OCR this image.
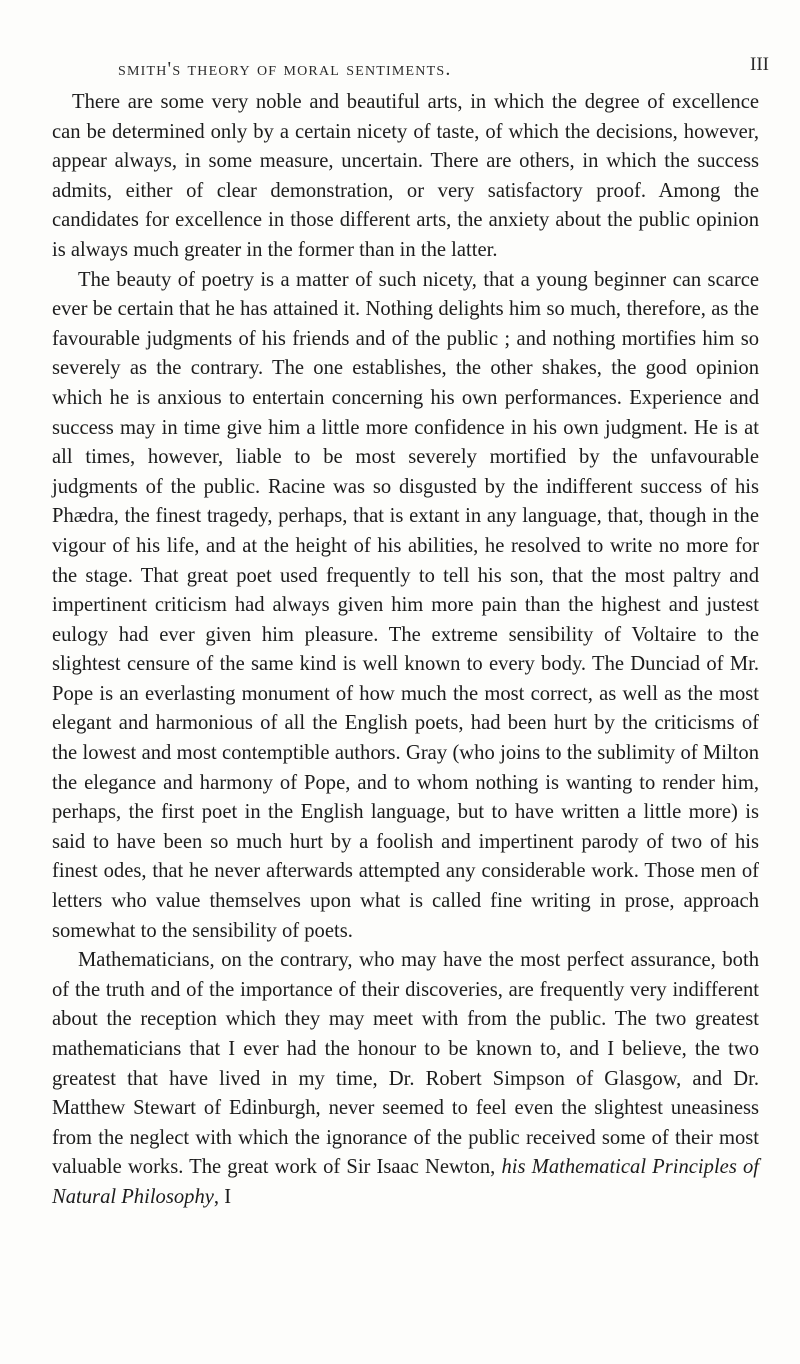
smith's theory of moral sentiments.	III

There are some very noble and beautiful arts, in which the degree of excellence can be determined only by a certain nicety of taste, of which the decisions, however, appear always, in some measure, uncertain. There are others, in which the success admits, either of clear demonstration, or very satisfactory proof. Among the candidates for excellence in those different arts, the anxiety about the public opinion is always much greater in the former than in the latter.

The beauty of poetry is a matter of such nicety, that a young beginner can scarce ever be certain that he has attained it. Nothing delights him so much, therefore, as the favourable judgments of his friends and of the public ; and nothing mortifies him so severely as the contrary. The one establishes, the other shakes, the good opinion which he is anxious to entertain concerning his own performances. Experience and success may in time give him a little more confidence in his own judgment. He is at all times, however, liable to be most severely mortified by the unfavourable judgments of the public. Racine was so disgusted by the indifferent success of his Phædra, the finest tragedy, perhaps, that is extant in any language, that, though in the vigour of his life, and at the height of his abilities, he resolved to write no more for the stage. That great poet used frequently to tell his son, that the most paltry and impertinent criticism had always given him more pain than the highest and justest eulogy had ever given him pleasure. The extreme sensibility of Voltaire to the slightest censure of the same kind is well known to every body. The Dunciad of Mr. Pope is an everlasting monument of how much the most correct, as well as the most elegant and harmonious of all the English poets, had been hurt by the criticisms of the lowest and most contemptible authors. Gray (who joins to the sublimity of Milton the elegance and harmony of Pope, and to whom nothing is wanting to render him, perhaps, the first poet in the English language, but to have written a little more) is said to have been so much hurt by a foolish and impertinent parody of two of his finest odes, that he never afterwards attempted any considerable work. Those men of letters who value themselves upon what is called fine writing in prose, approach somewhat to the sensibility of poets.

Mathematicians, on the contrary, who may have the most perfect assurance, both of the truth and of the importance of their discoveries, are frequently very indifferent about the reception which they may meet with from the public. The two greatest mathematicians that I ever had the honour to be known to, and I believe, the two greatest that have lived in my time, Dr. Robert Simpson of Glasgow, and Dr. Matthew Stewart of Edinburgh, never seemed to feel even the slightest uneasiness from the neglect with which the ignorance of the public received some of their most valuable works. The great work of Sir Isaac Newton, his Mathematical Principles of Natural Philosophy, I
